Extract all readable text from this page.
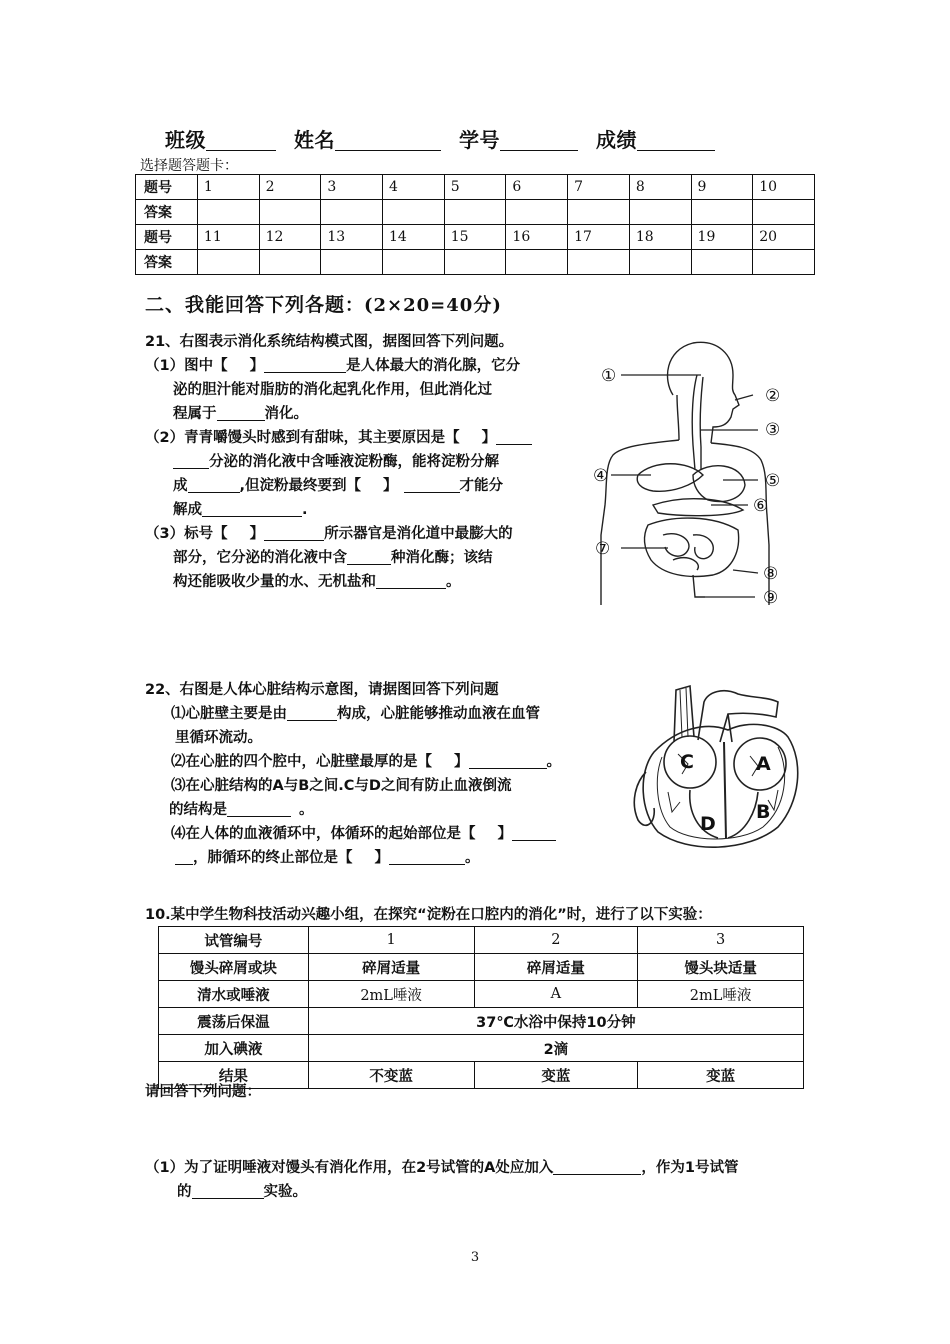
班级	姓名	学号	成绩
选择题答题卡：
题号	1	2	3	4	5	6	7	8	9	10
答案										
题号	11	12	13	14	15	16	17	18	19	20
答案										
二、我能回答下列各题：(2×20=40分)

21、右图表示消化系统结构模式图，据图回答下列问题。

（1）图中【 】	是人体最大的消化腺，它分

泌的胆汁能对脂肪的消化起乳化作用，但此消化过

程属于	消化。

（2）青青嚼馒头时感到有甜味，其主要原因是【 】

分泌的消化液中含唾液淀粉酶，能将淀粉分解

成	,但淀粉最终要到【 】	才能分

解成	.

（3）标号【 】	所示器官是消化道中最膨大的

部分，它分泌的消化液中含	种消化酶；该结

构还能吸收少量的水、无机盐和	。

①
②
③
④	⑤
⑥
⑦
⑧
⑨

22、右图是人体心脏结构示意图，请据图回答下列问题

⑴心脏壁主要是由	构成，心脏能够推动血液在血管

里循环流动。

⑵在心脏的四个腔中，心脏壁最厚的是【 】	。

⑶在心脏结构的A与B之间.C与D之间有防止血液倒流

的结构是	。

⑷在人体的血液循环中，体循环的起始部位是【 】

，肺循环的终止部位是【 】	。

C	A
D
B
10.某中学生物科技活动兴趣小组，在探究“淀粉在口腔内的消化”时，进行了以下实验：
试管编号	1	2	3
馒头碎屑或块	碎屑适量	碎屑适量	馒头块适量
清水或唾液	2mL唾液	A	2mL唾液
震荡后保温	37℃水浴中保持10分钟		
加入碘液	2滴		
结果	不变蓝	变蓝	变蓝
请回答下列问题：

（1）为了证明唾液对馒头有消化作用，在2号试管的A处应加入	，作为1号试管

的	实验。

3
